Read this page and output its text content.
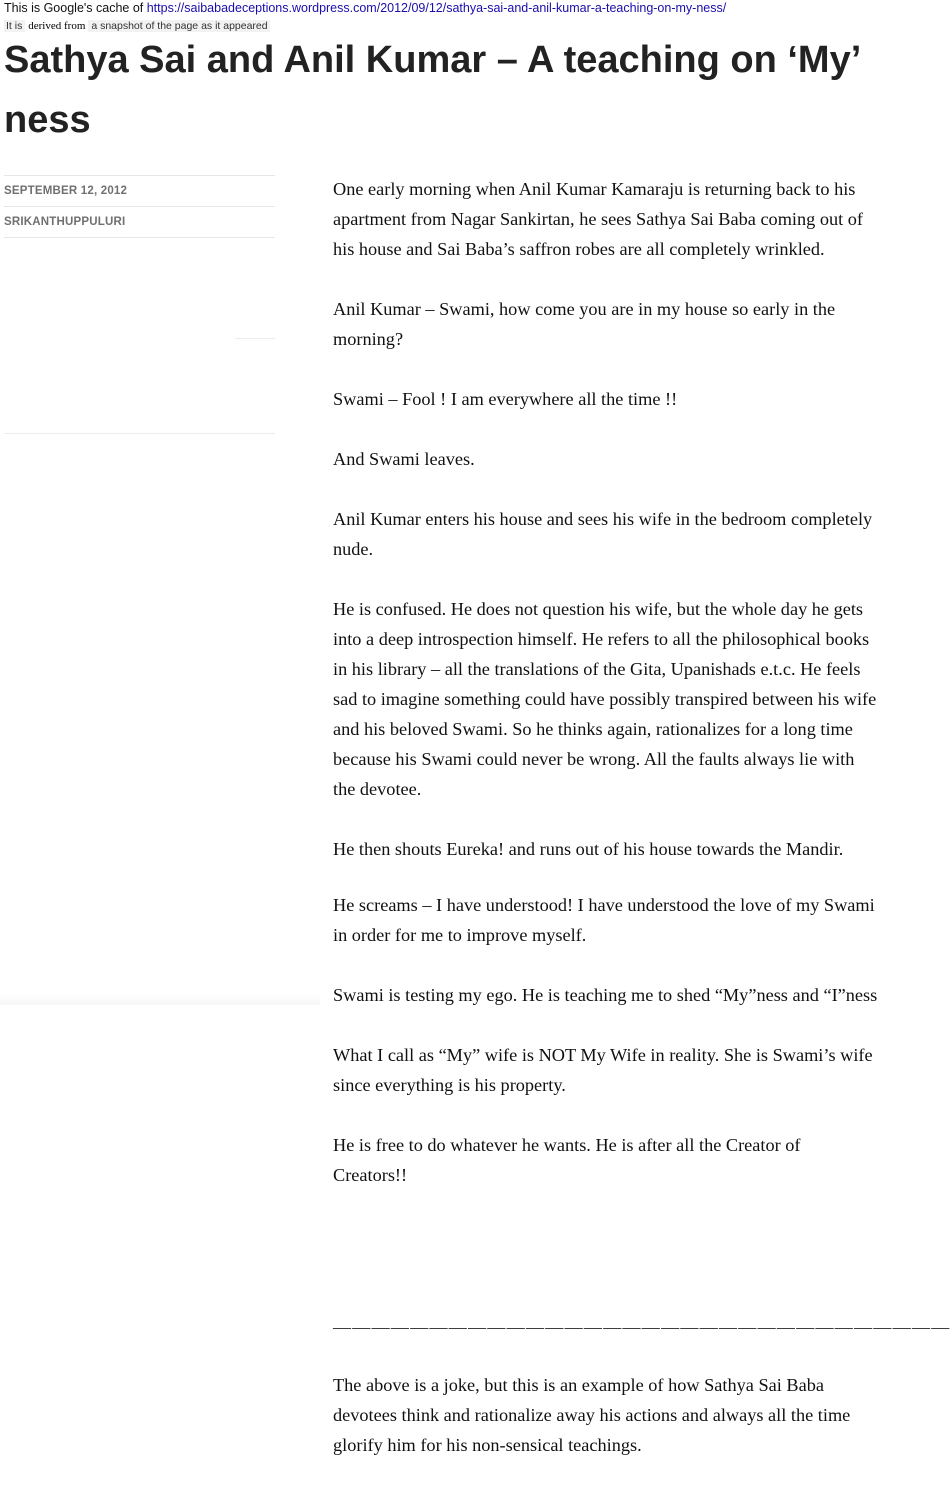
This is Google's cache of https://saibabadeceptions.wordpress.com/2012/09/12/sathya-sai-and-anil-kumar-a-teaching-on-my-ness/
It is derived from a snapshot of the page as it appeared
Sathya Sai and Anil Kumar – A teaching on ‘My’ ness
SEPTEMBER 12, 2012
SRIKANTHUPPULURI

One early morning when Anil Kumar Kamaraju is returning back to his apartment from Nagar Sankirtan, he sees Sathya Sai Baba coming out of his house and Sai Baba’s saffron robes are all completely wrinkled.

Anil Kumar – Swami, how come you are in my house so early in the morning?

Swami – Fool ! I am everywhere all the time !!

And Swami leaves.

Anil Kumar enters his house and sees his wife in the bedroom completely nude.

He is confused. He does not question his wife, but the whole day he gets into a deep introspection himself. He refers to all the philosophical books in his library – all the translations of the Gita, Upanishads e.t.c. He feels sad to imagine something could have possibly transpired between his wife and his beloved Swami. So he thinks again, rationalizes for a long time because his Swami could never be wrong. All the faults always lie with the devotee.

He then shouts Eureka! and runs out of his house towards the Mandir.

He screams – I have understood! I have understood the love of my Swami in order for me to improve myself.

Swami is testing my ego. He is teaching me to shed “My”ness and “I”ness

What I call as “My” wife is NOT My Wife in reality. She is Swami’s wife since everything is his property.

He is free to do whatever he wants. He is after all the Creator of Creators!!

————————————————————————————————

The above is a joke, but this is an example of how Sathya Sai Baba devotees think and rationalize away his actions and always all the time glorify him for his non-sensical teachings.
